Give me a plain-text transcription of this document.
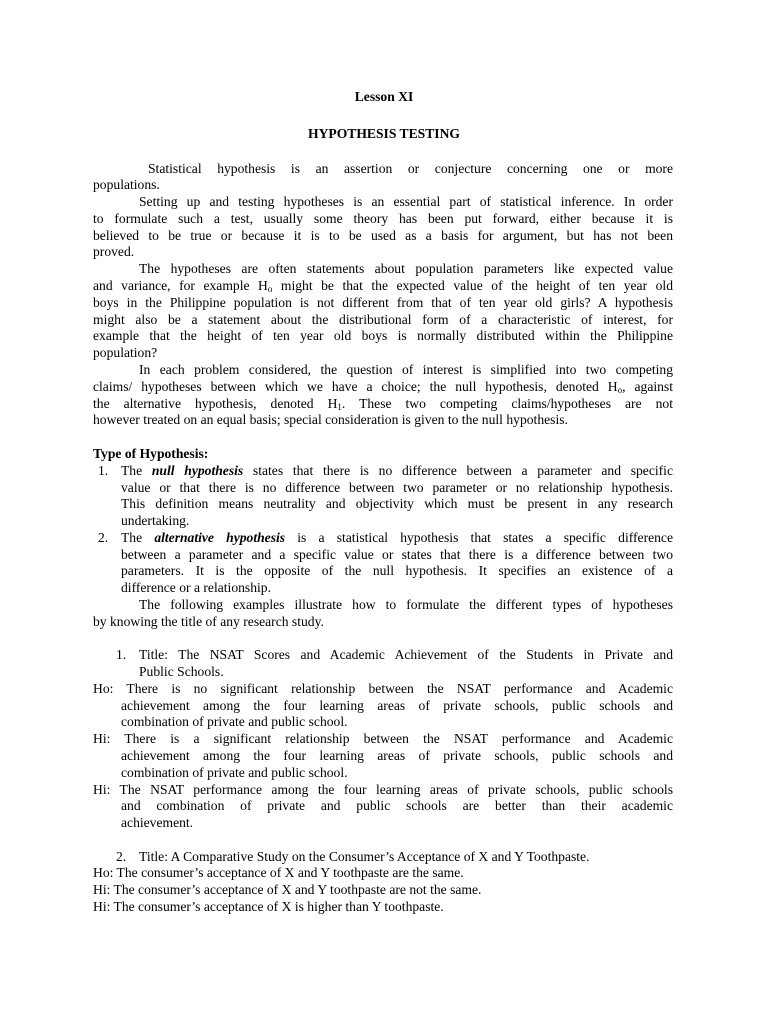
Lesson XI
HYPOTHESIS TESTING
Statistical hypothesis is an assertion or conjecture concerning one or more
populations.
Setting up and testing hypotheses is an essential part of statistical inference. In order
to formulate such a test, usually some theory has been put forward, either because it is
believed to be true or because it is to be used as a basis for argument, but has not been
proved.
The hypotheses are often statements about population parameters like expected value
and variance, for example $H_o$ might be that the expected value of the height of ten year old
boys in the Philippine population is not different from that of ten year old girls? A hypothesis
might also be a statement about the distributional form of a characteristic of interest, for
example that the height of ten year old boys is normally distributed within the Philippine
population?
In each problem considered, the question of interest is simplified into two competing
claims/ hypotheses between which we have a choice; the null hypothesis, denoted $H_o$, against
the alternative hypothesis, denoted $H_1$. These two competing claims/hypotheses are not
however treated on an equal basis; special consideration is given to the null hypothesis.
Type of Hypothesis:
1. The null hypothesis states that there is no difference between a parameter and specific
value or that there is no difference between two parameter or no relationship hypothesis.
This definition means neutrality and objectivity which must be present in any research
undertaking.
2. The alternative hypothesis is a statistical hypothesis that states a specific difference
between a parameter and a specific value or states that there is a difference between two
parameters. It is the opposite of the null hypothesis. It specifies an existence of a
difference or a relationship.
The following examples illustrate how to formulate the different types of hypotheses
by knowing the title of any research study.
1. Title: The NSAT Scores and Academic Achievement of the Students in Private and
Public Schools.
Ho: There is no significant relationship between the NSAT performance and Academic
achievement among the four learning areas of private schools, public schools and
combination of private and public school.
Hi: There is a significant relationship between the NSAT performance and Academic
achievement among the four learning areas of private schools, public schools and
combination of private and public school.
Hi: The NSAT performance among the four learning areas of private schools, public schools
and combination of private and public schools are better than their academic
achievement.
2. Title: A Comparative Study on the Consumer’s Acceptance of X and Y Toothpaste.
Ho: The consumer’s acceptance of X and Y toothpaste are the same.
Hi: The consumer’s acceptance of X and Y toothpaste are not the same.
Hi: The consumer’s acceptance of X is higher than Y toothpaste.
